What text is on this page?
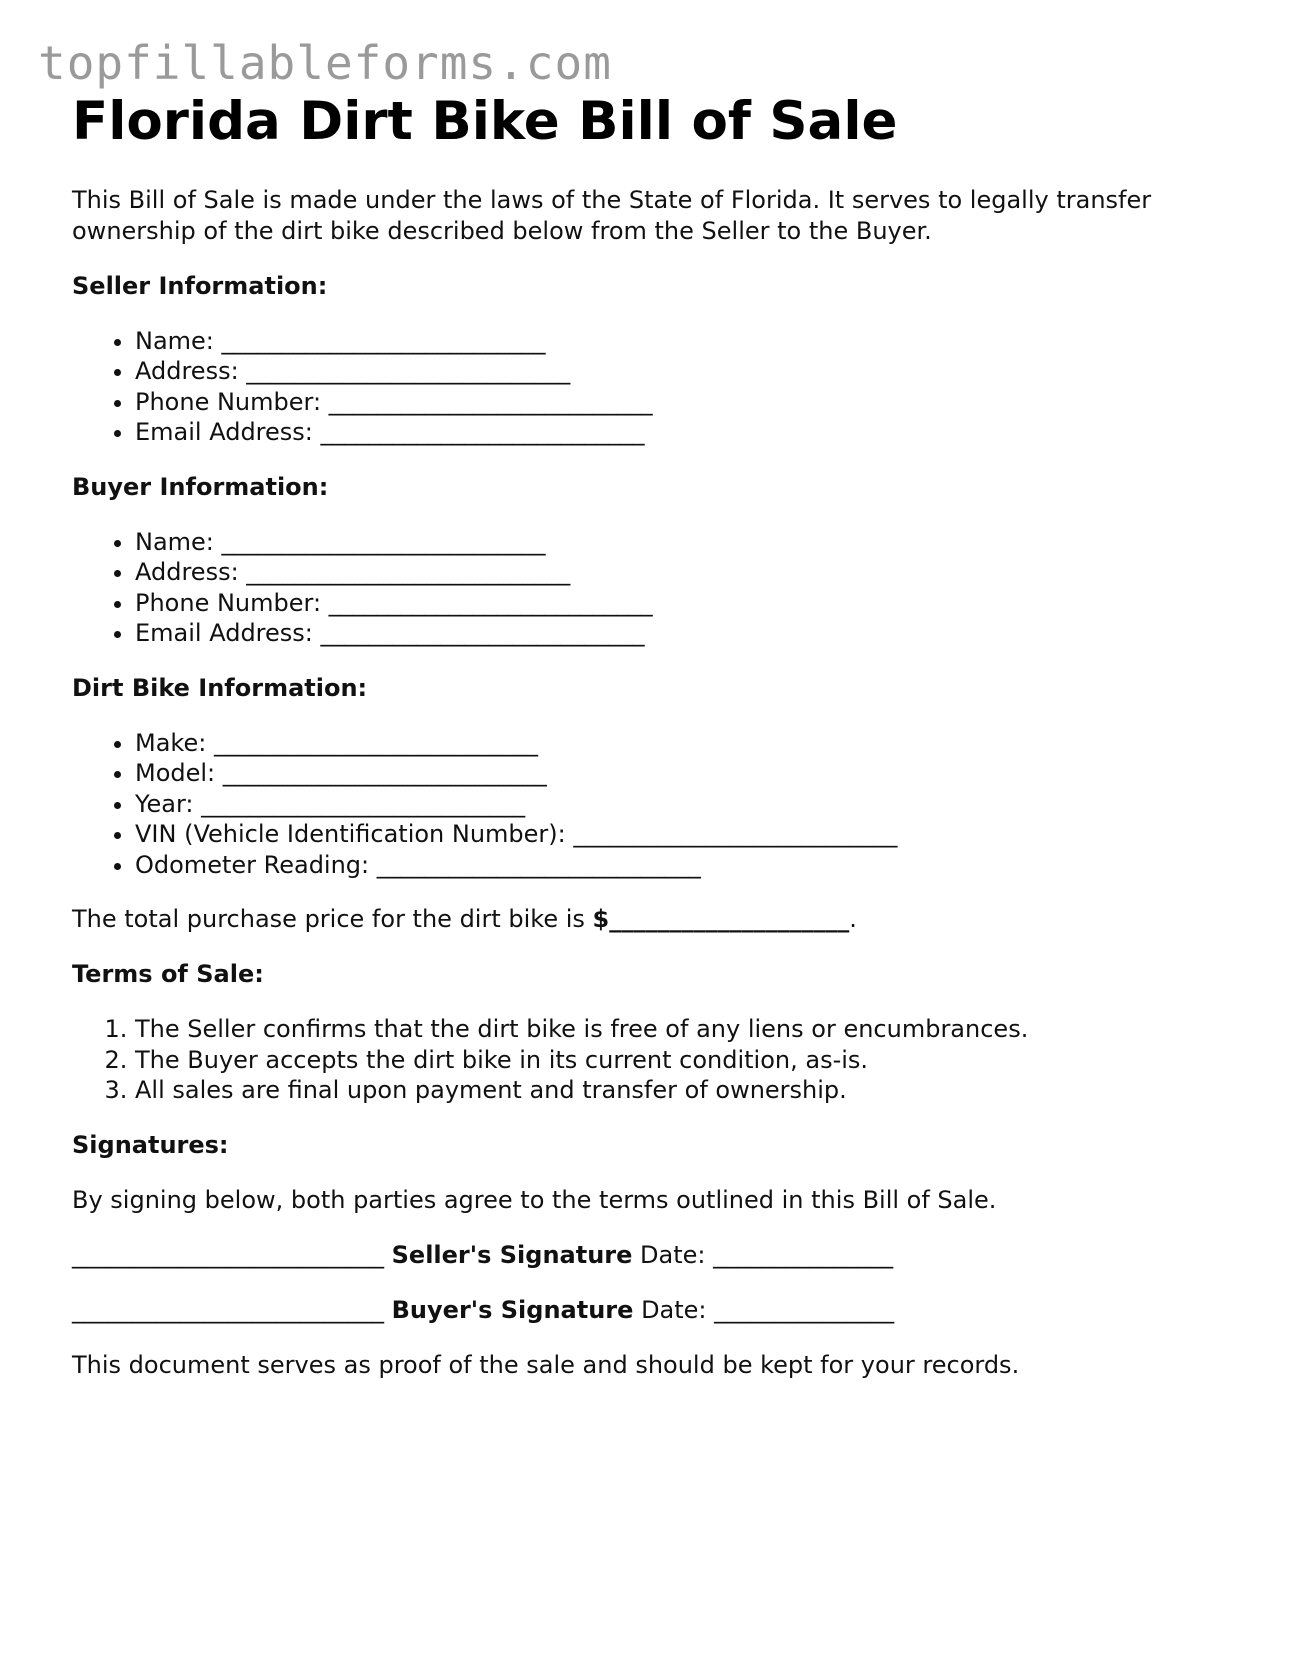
topfillableforms.com
Florida Dirt Bike Bill of Sale

This Bill of Sale is made under the laws of the State of Florida. It serves to legally transfer ownership of the dirt bike described below from the Seller to the Buyer.

Seller Information:
• Name: ___________________________
• Address: ___________________________
• Phone Number: ___________________________
• Email Address: ___________________________
Buyer Information:
• Name: ___________________________
• Address: ___________________________
• Phone Number: ___________________________
• Email Address: ___________________________
Dirt Bike Information:
• Make: ___________________________
• Model: ___________________________
• Year: ___________________________
• VIN (Vehicle Identification Number): ___________________________
• Odometer Reading: ___________________________

The total purchase price for the dirt bike is $____________________.

Terms of Sale:
1. The Seller confirms that the dirt bike is free of any liens or encumbrances.
2. The Buyer accepts the dirt bike in its current condition, as-is.
3. All sales are final upon payment and transfer of ownership.
Signatures:

By signing below, both parties agree to the terms outlined in this Bill of Sale.

__________________________ Seller's Signature Date: _______________

__________________________ Buyer's Signature Date: _______________

This document serves as proof of the sale and should be kept for your records.
